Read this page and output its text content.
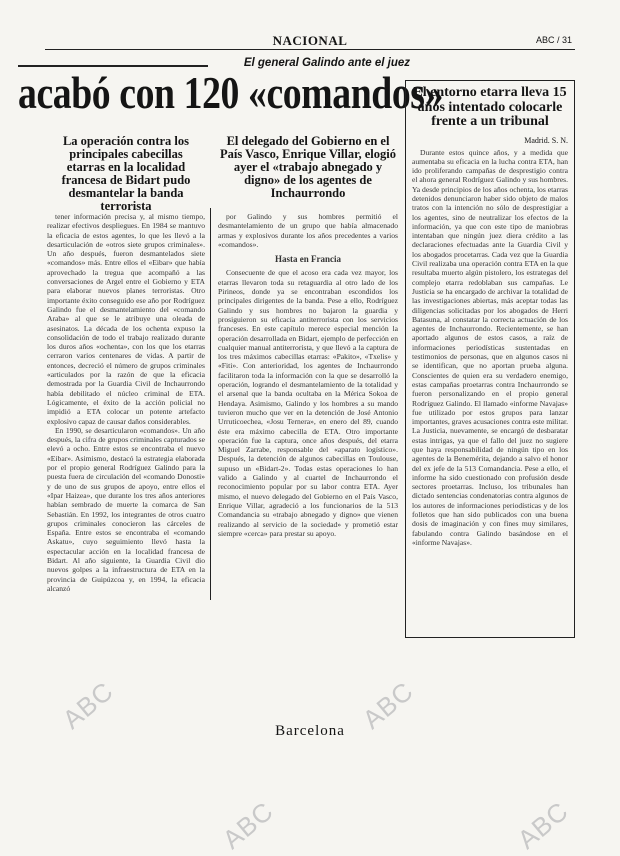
NACIONAL	ABC / 31
El general Galindo ante el juez
acabó con 120 «comandos»
La operación contra los principales cabecillas etarras en la localidad francesa de Bidart pudo desmantelar la banda terrorista
El delegado del Gobierno en el País Vasco, Enrique Villar, elogió ayer el «trabajo abnegado y digno» de los agentes de Inchaurrondo

tener información precisa y, al mismo tiempo, realizar efectivos despliegues. En 1984 se mantuvo la eficacia de estos agentes, lo que les llevó a la desarticulación de «otros siete grupos criminales». Un año después, fueron desmantelados siete «comandos» más. Entre ellos el «Eibar» que había aprovechado la tregua que acompañó a las conversaciones de Argel entre el Gobierno y ETA para elaborar nuevos planes terroristas. Otro importante éxito conseguido ese año por Rodríguez Galindo fue el desmantelamiento del «comando Araba» al que se le atribuye una oleada de asesinatos. La década de los ochenta expuso la consolidación de todo el trabajo realizado durante los duros años «ochenta», con los que los etarras cerraron varios centenares de vidas. A partir de entonces, decreció el número de grupos criminales «articulados por la razón de que la eficacia demostrada por la Guardia Civil de Inchaurrondo había debilitado el núcleo criminal de ETA. Lógicamente, el éxito de la acción policial no impidió a ETA colocar un potente artefacto explosivo capaz de causar daños considerables.

En 1990, se desarticularon «comandos». Un año después, la cifra de grupos criminales capturados se elevó a ocho. Entre estos se encontraba el nuevo «Eibar». Asimismo, destacó la estrategia elaborada por el propio general Rodríguez Galindo para la puesta fuera de circulación del «comando Donosti» y de uno de sus grupos de apoyo, entre ellos el «Ipar Haizea», que durante los tres años anteriores habían sembrado de muerte la comarca de San Sebastián. En 1992, los integrantes de otros cuatro grupos criminales conocieron las cárceles de España. Entre estos se encontraba el «comando Askatu», cuyo seguimiento llevó hasta la espectacular acción en la localidad francesa de Bidart. Al año siguiente, la Guardia Civil dio nuevos golpes a la infraestructura de ETA en la provincia de Guipúzcoa y, en 1994, la eficacia alcanzó

por Galindo y sus hombres permitió el desmantelamiento de un grupo que había almacenado armas y explosivos durante los años precedentes a varios «comandos».

Hasta en Francia

Consecuente de que el acoso era cada vez mayor, los etarras llevaron toda su retaguardia al otro lado de los Pirineos, donde ya se encontraban escondidos los principales dirigentes de la banda. Pese a ello, Rodríguez Galindo y sus hombres no bajaron la guardia y prosiguieron su eficacia antiterrorista con los servicios franceses. En este capítulo merece especial mención la operación desarrollada en Bidart, ejemplo de perfección en cualquier manual antiterrorista, y que llevó a la captura de los tres máximos cabecillas etarras: «Pakito», «Txelis» y «Fiti». Con anterioridad, los agentes de Inchaurrondo facilitaron toda la información con la que se desarrolló la operación, logrando el desmantelamiento de la totalidad y el arsenal que la banda ocultaba en la Mérica Sokoa de Hendaya. Asimismo, Galindo y los hombres a su mando tuvieron mucho que ver en la detención de José Antonio Urruticoechea, «Josu Ternera», en enero del 89, cuando éste era máximo cabecilla de ETA. Otro importante operación fue la captura, once años después, del etarra Miguel Zarrabe, responsable del «aparato logístico». Después, la detención de algunos cabecillas en Toulouse, supuso un «Bidart-2». Todas estas operaciones lo han valido a Galindo y al cuartel de Inchaurrondo el reconocimiento popular por su labor contra ETA. Ayer mismo, el nuevo delegado del Gobierno en el País Vasco, Enrique Villar, agradeció a los funcionarios de la 513 Comandancia su «trabajo abnegado y digno» que vienen realizando al servicio de la sociedad» y prometió estar siempre «cerca» para prestar su apoyo.

El entorno etarra lleva 15 años intentado colocarle frente a un tribunal
Madrid. S. N.

Durante estos quince años, y a medida que aumentaba su eficacia en la lucha contra ETA, han ido proliferando campañas de desprestigio contra el ahora general Rodríguez Galindo y sus hombres. Ya desde principios de los años ochenta, los etarras detenidos denunciaron haber sido objeto de malos tratos con la intención no sólo de desprestigiar a los agentes, sino de neutralizar los efectos de la información, ya que con este tipo de maniobras intentaban que ningún juez diera crédito a las declaraciones efectuadas ante la Guardia Civil y los abogados procetarras. Cada vez que la Guardia Civil realizaba una operación contra ETA en la que resultaba muerto algún pistolero, los estrategas del complejo etarra redoblaban sus campañas. Le Justicia se ha encargado de archivar la totalidad de las investigaciones abiertas, más aceptar todas las diligencias solicitadas por los abogados de Herri Batasuna, al constatar la correcta actuación de los agentes de Inchaurrondo. Recientemente, se han aportado algunos de estos casos, a raíz de informaciones periodísticas sustentadas en testimonios de personas, que en algunos casos ni se identifican, que no aportan prueba alguna. Conscientes de quien era su verdadero enemigo, estas campañas proetarras contra Inchaurrondo se fueron personalizando en el propio general Rodríguez Galindo. El llamado «informe Navajas» fue utilizado por estos grupos para lanzar importantes, graves acusaciones contra este militar. La Justicia, nuevamente, se encargó de desbaratar estas intrigas, ya que el fallo del juez no sugiere que haya responsabilidad de ningún tipo en los agentes de la Benemérita, dejando a salvo el honor del ex jefe de la 513 Comandancia. Pese a ello, el informe ha sido cuestionado con profusión desde sectores proetarras. Incluso, los tribunales han dictado sentencias condenatorias contra algunos de los autores de informaciones periodísticas y de los folletos que han sido publicados con una buena dosis de imaginación y con fines muy similares, fabulando contra Galindo basándose en el «informe Navajas».

Barcelona
ABC	ABC
ABC	ABC
